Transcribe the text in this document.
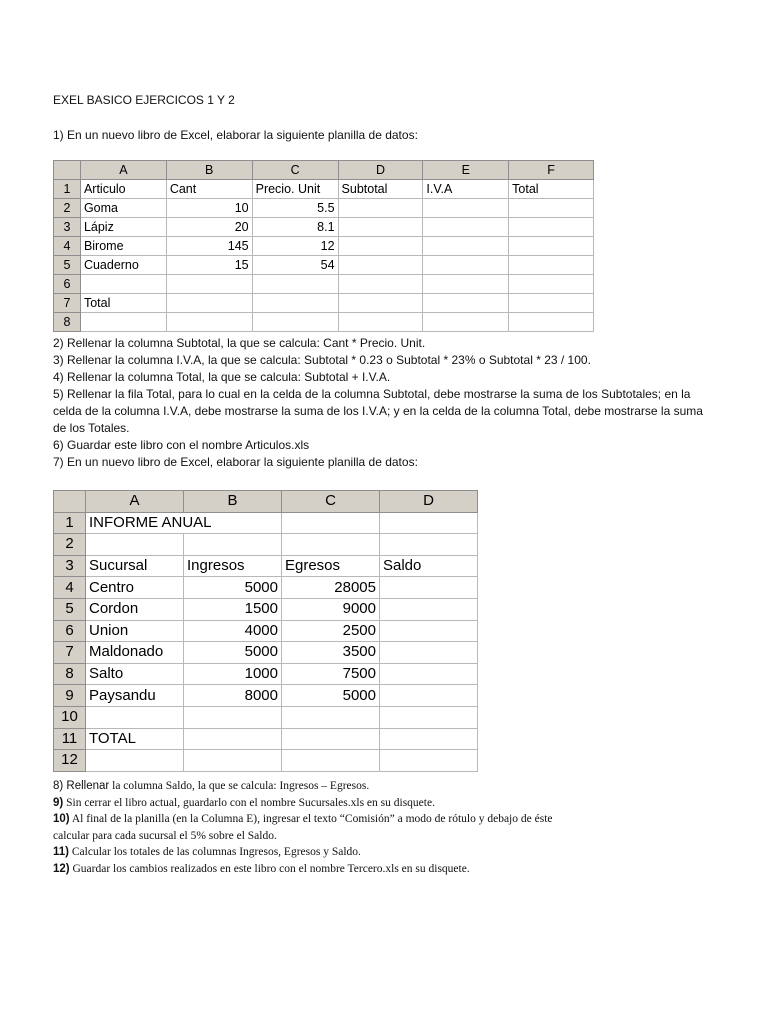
EXEL BASICO EJERCICOS 1 Y 2
1) En un nuevo libro de Excel, elaborar la siguiente planilla de datos:
	A	B	C	D	E	F
1	Articulo	Cant	Precio. Unit	Subtotal	I.V.A	Total
2	Goma	10	5.5			
3	Lápiz	20	8.1			
4	Birome	145	12			
5	Cuaderno	15	54			
6						
7	Total					
8						
2) Rellenar la columna Subtotal, la que se calcula: Cant * Precio. Unit.
3) Rellenar la columna I.V.A, la que se calcula: Subtotal * 0.23 o Subtotal * 23% o Subtotal * 23 / 100.
4) Rellenar la columna Total, la que se calcula: Subtotal + I.V.A.
5) Rellenar la fila Total, para lo cual en la celda de la columna Subtotal, debe mostrarse la suma de los Subtotales; en la celda de la columna I.V.A, debe mostrarse la suma de los I.V.A; y en la celda de la columna Total, debe mostrarse la suma de los Totales.
6) Guardar este libro con el nombre Articulos.xls
7) En un nuevo libro de Excel, elaborar la siguiente planilla de datos:
	A	B	C	D
1	INFORME ANUAL			
2				
3	Sucursal	Ingresos	Egresos	Saldo
4	Centro	5000	28005	
5	Cordon	1500	9000	
6	Union	4000	2500	
7	Maldonado	5000	3500	
8	Salto	1000	7500	
9	Paysandu	8000	5000	
10				
11	TOTAL			
12				
8) Rellenar la columna Saldo, la que se calcula: Ingresos – Egresos.
9) Sin cerrar el libro actual, guardarlo con el nombre Sucursales.xls en su disquete.
10) Al final de la planilla (en la Columna E), ingresar el texto “Comisión” a modo de rótulo y debajo de éste calcular para cada sucursal el 5% sobre el Saldo.
11) Calcular los totales de las columnas Ingresos, Egresos y Saldo.
12) Guardar los cambios realizados en este libro con el nombre Tercero.xls en su disquete.
